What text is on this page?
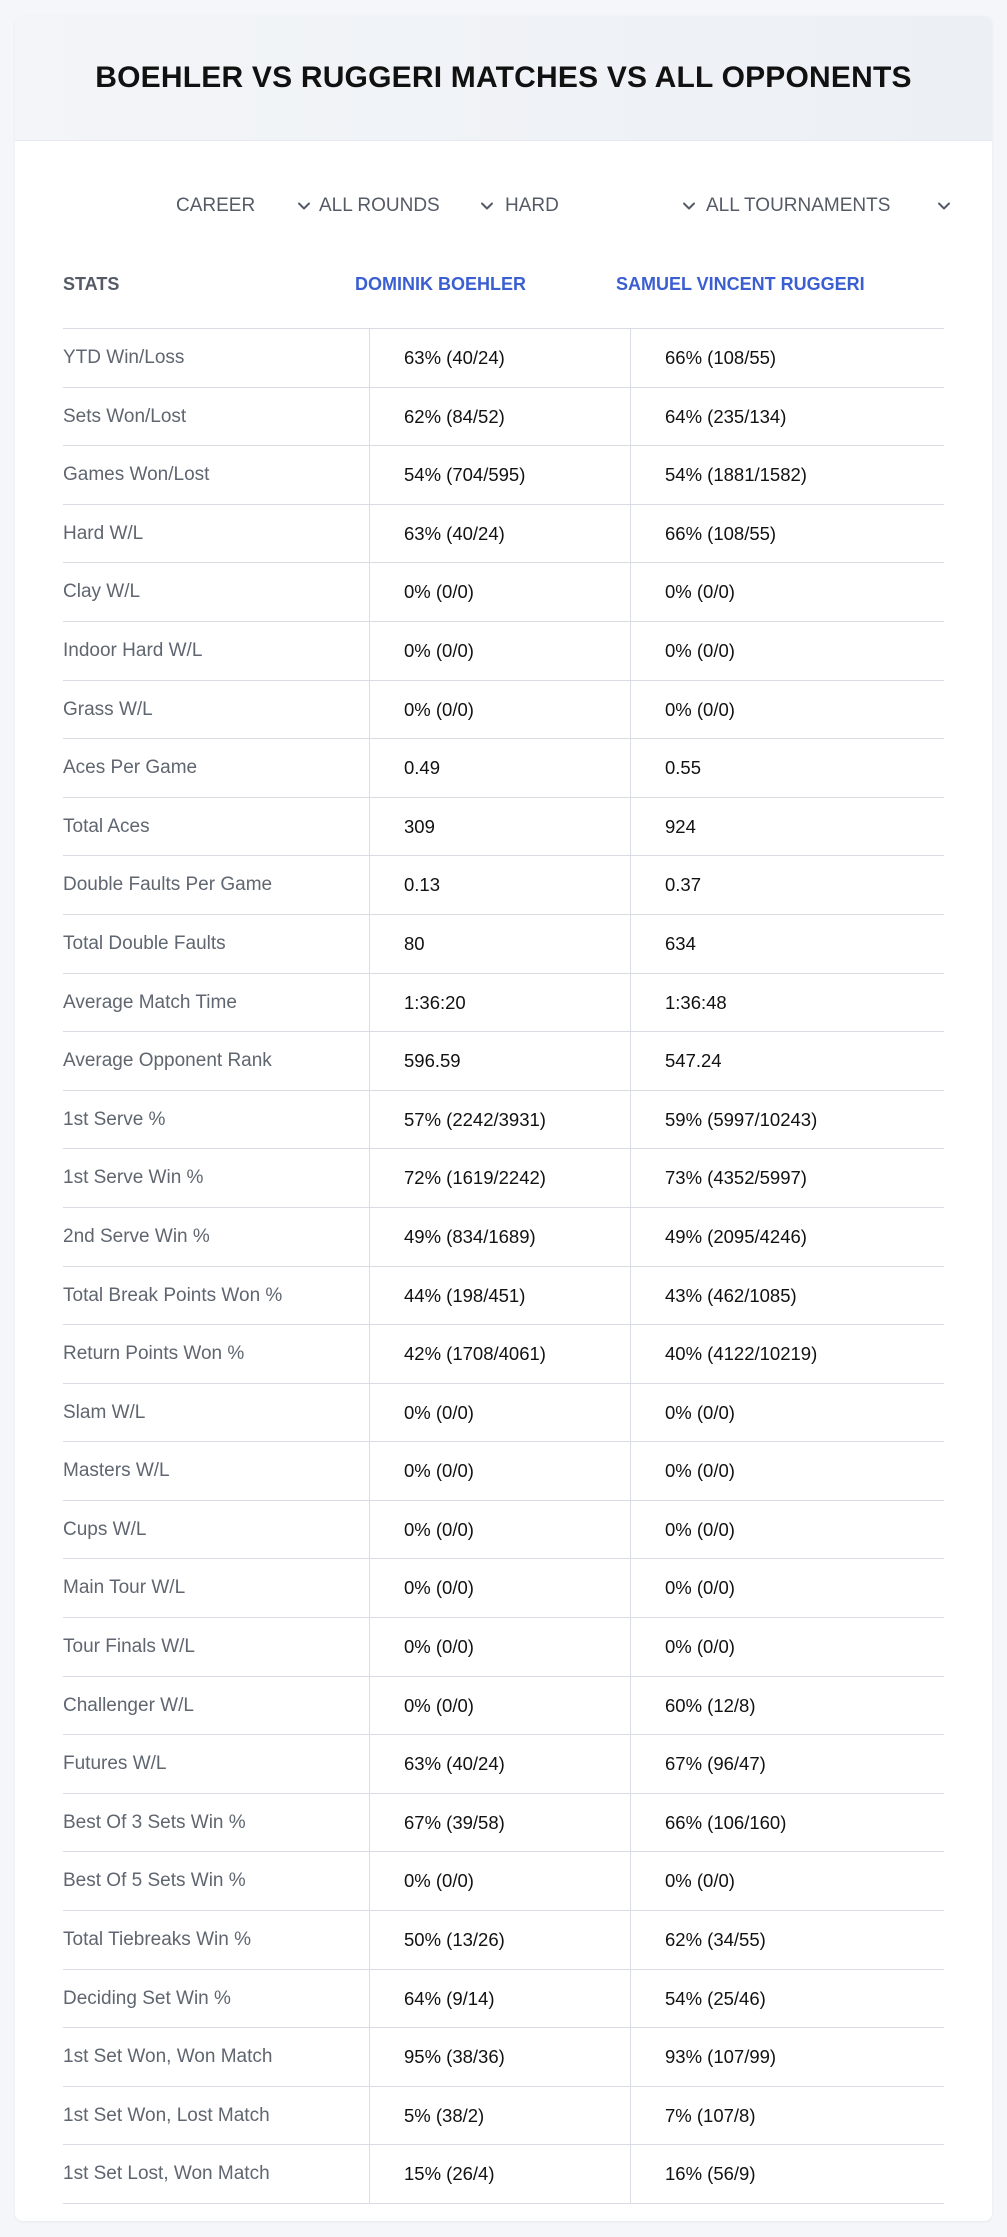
BOEHLER VS RUGGERI MATCHES VS ALL OPPONENTS
CAREER	ALL ROUNDS	HARD	ALL TOURNAMENTS
STATS	DOMINIK BOEHLER	SAMUEL VINCENT RUGGERI
YTD Win/Loss	63% (40/24)	66% (108/55)
Sets Won/Lost	62% (84/52)	64% (235/134)
Games Won/Lost	54% (704/595)	54% (1881/1582)
Hard W/L	63% (40/24)	66% (108/55)
Clay W/L	0% (0/0)	0% (0/0)
Indoor Hard W/L	0% (0/0)	0% (0/0)
Grass W/L	0% (0/0)	0% (0/0)
Aces Per Game	0.49	0.55
Total Aces	309	924
Double Faults Per Game	0.13	0.37
Total Double Faults	80	634
Average Match Time	1:36:20	1:36:48
Average Opponent Rank	596.59	547.24
1st Serve %	57% (2242/3931)	59% (5997/10243)
1st Serve Win %	72% (1619/2242)	73% (4352/5997)
2nd Serve Win %	49% (834/1689)	49% (2095/4246)
Total Break Points Won %	44% (198/451)	43% (462/1085)
Return Points Won %	42% (1708/4061)	40% (4122/10219)
Slam W/L	0% (0/0)	0% (0/0)
Masters W/L	0% (0/0)	0% (0/0)
Cups W/L	0% (0/0)	0% (0/0)
Main Tour W/L	0% (0/0)	0% (0/0)
Tour Finals W/L	0% (0/0)	0% (0/0)
Challenger W/L	0% (0/0)	60% (12/8)
Futures W/L	63% (40/24)	67% (96/47)
Best Of 3 Sets Win %	67% (39/58)	66% (106/160)
Best Of 5 Sets Win %	0% (0/0)	0% (0/0)
Total Tiebreaks Win %	50% (13/26)	62% (34/55)
Deciding Set Win %	64% (9/14)	54% (25/46)
1st Set Won, Won Match	95% (38/36)	93% (107/99)
1st Set Won, Lost Match	5% (38/2)	7% (107/8)
1st Set Lost, Won Match	15% (26/4)	16% (56/9)
